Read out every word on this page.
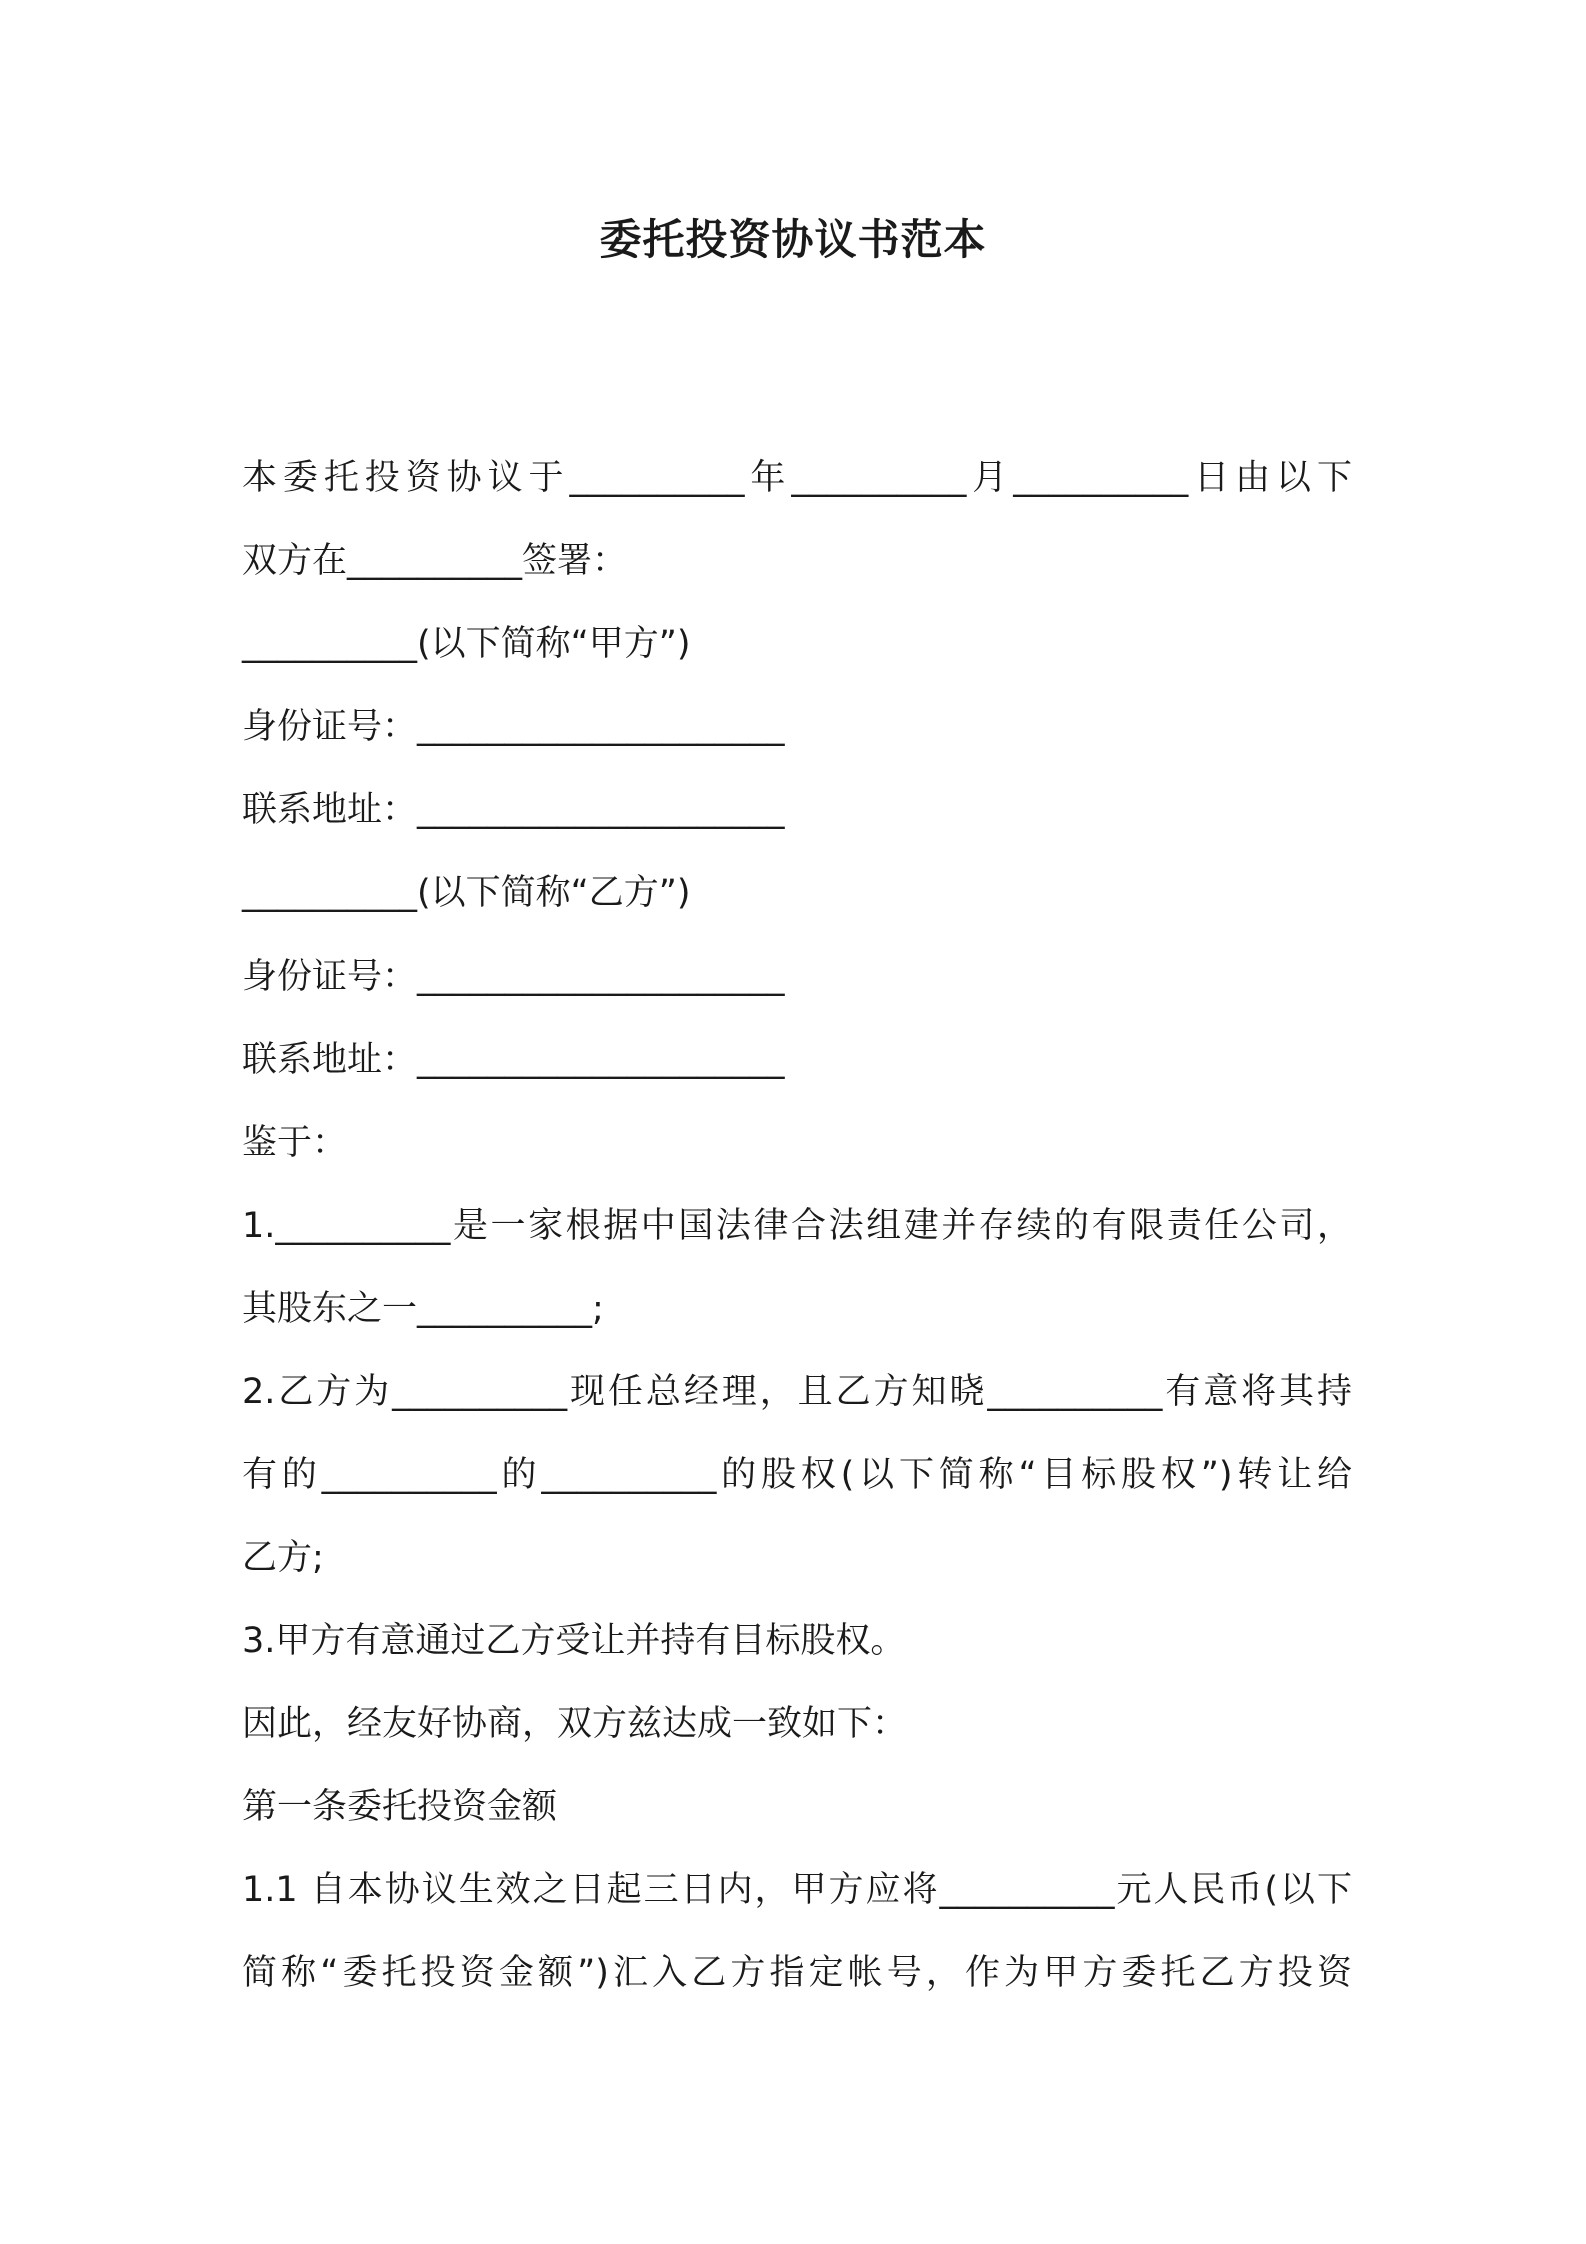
委托投资协议书范本
本委托投资协议于__________年__________月__________日由以下
双方在__________签署：
__________(以下简称“甲方”)
身份证号：_____________________
联系地址：_____________________
__________(以下简称“乙方”)
身份证号：_____________________
联系地址：_____________________
鉴于：
1.__________是一家根据中国法律合法组建并存续的有限责任公司，
其股东之一__________;
2.乙方为__________现任总经理，且乙方知晓__________有意将其持
有的__________的__________的股权(以下简称“目标股权”)转让给
乙方;
3.甲方有意通过乙方受让并持有目标股权。
因此，经友好协商，双方兹达成一致如下：
第一条委托投资金额
1.1 自本协议生效之日起三日内，甲方应将__________元人民币(以下
简称“委托投资金额”)汇入乙方指定帐号，作为甲方委托乙方投资
